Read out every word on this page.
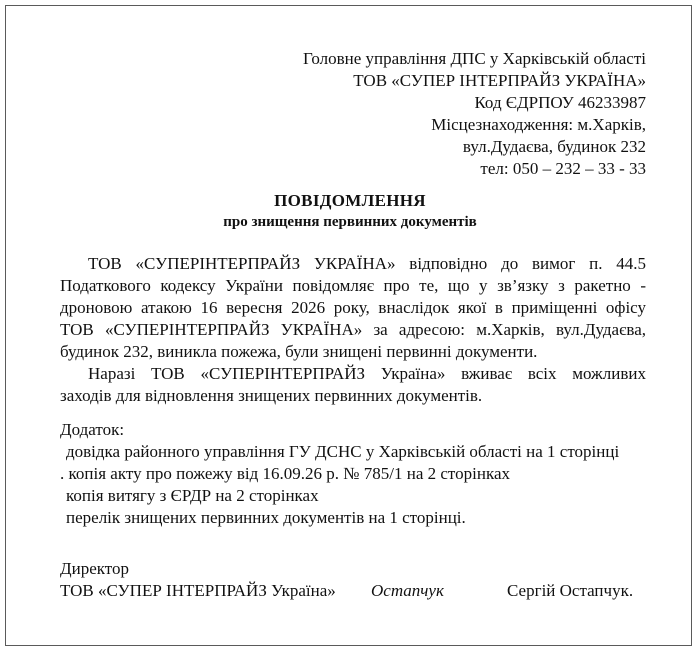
Головне управління ДПС у Харківській області
ТОВ «СУПЕР ІНТЕРПРАЙЗ УКРАЇНА»
Код ЄДРПОУ 46233987
Місцезнаходження: м.Харків,
вул.Дудаєва, будинок 232
тел: 050 – 232 – 33 - 33
ПОВІДОМЛЕННЯ
про знищення первинних документів
ТОВ «СУПЕРІНТЕРПРАЙЗ УКРАЇНА» відповідно до вимог п. 44.5
Податкового кодексу України повідомляє про те, що у зв’язку з ракетно -
дроновою атакою 16 вересня 2026 року, внаслідок якої в приміщенні офісу
ТОВ «СУПЕРІНТЕРПРАЙЗ УКРАЇНА» за адресою: м.Харків, вул.Дудаєва,
будинок 232, виникла пожежа, були знищені первинні документи.
Наразі ТОВ «СУПЕРІНТЕРПРАЙЗ Україна» вживає всіх можливих
заходів для відновлення знищених первинних документів.
Додаток:
довідка районного управління ГУ ДСНС у Харківській області на 1 сторінці
. копія акту про пожежу від 16.09.26 р. № 785/1 на 2 сторінках
копія витягу з ЄРДР на 2 сторінках
перелік знищених первинних документів на 1 сторінці.
Директор
ТОВ «СУПЕР ІНТЕРПРАЙЗ Україна» Остапчук	Сергій Остапчук.
